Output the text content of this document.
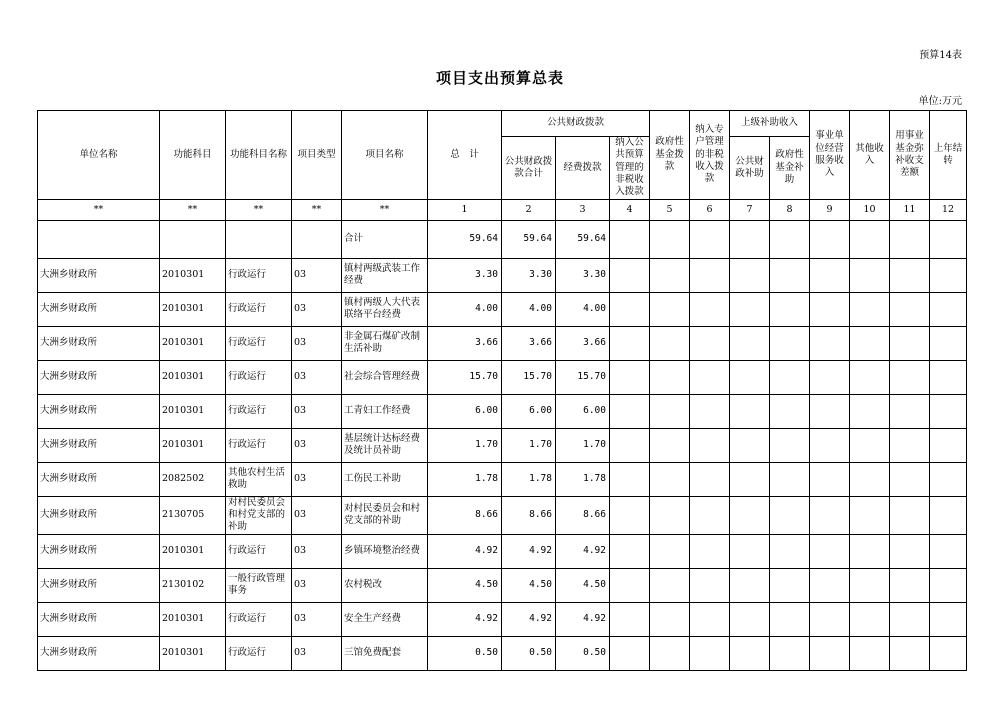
预算14表
项目支出预算总表
单位:万元
单位名称	功能科目	功能科目名称	项目类型	项目名称	总　计	公共财政拨款			政府性基金拨款	纳入专户管理的非税收入拨款	上级补助收入		事业单位经营服务收入	其他收入	用事业基金弥补收支差额	上年结转
						公共财政拨款合计	经费拨款	纳入公共预算管理的非税收入拨款			公共财政补助	政府性基金补助				
**	**	**	**	**	1	2	3	4	5	6	7	8	9	10	11	12
				合计	59.64	59.64	59.64									
大洲乡财政所	2010301	行政运行	03	镇村两级武装工作经费	3.30	3.30	3.30									
大洲乡财政所	2010301	行政运行	03	镇村两级人大代表联络平台经费	4.00	4.00	4.00									
大洲乡财政所	2010301	行政运行	03	非金属石煤矿改制生活补助	3.66	3.66	3.66									
大洲乡财政所	2010301	行政运行	03	社会综合管理经费	15.70	15.70	15.70									
大洲乡财政所	2010301	行政运行	03	工青妇工作经费	6.00	6.00	6.00									
大洲乡财政所	2010301	行政运行	03	基层统计达标经费及统计员补助	1.70	1.70	1.70									
大洲乡财政所	2082502	其他农村生活救助	03	工伤民工补助	1.78	1.78	1.78									
大洲乡财政所	2130705	对村民委员会和村党支部的补助	03	对村民委员会和村党支部的补助	8.66	8.66	8.66									
大洲乡财政所	2010301	行政运行	03	乡镇环境整治经费	4.92	4.92	4.92									
大洲乡财政所	2130102	一般行政管理事务	03	农村税改	4.50	4.50	4.50									
大洲乡财政所	2010301	行政运行	03	安全生产经费	4.92	4.92	4.92									
大洲乡财政所	2010301	行政运行	03	三馆免费配套	0.50	0.50	0.50									
